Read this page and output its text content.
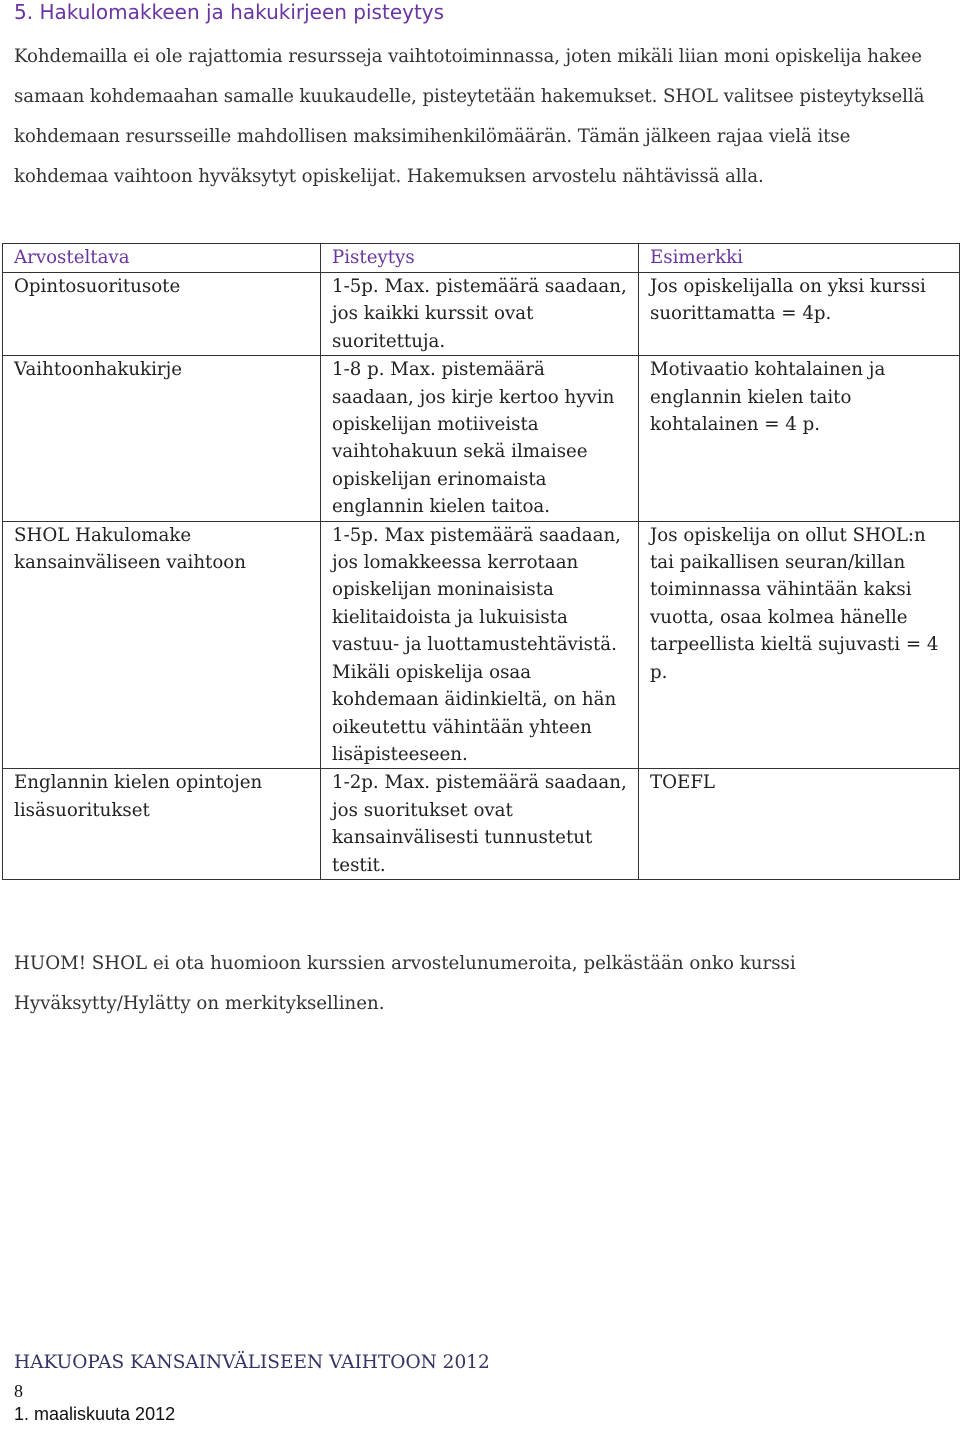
5. Hakulomakkeen ja hakukirjeen pisteytys
Kohdemailla ei ole rajattomia resursseja vaihtotoiminnassa, joten mikäli liian moni opiskelija hakee samaan kohdemaahan samalle kuukaudelle, pisteytetään hakemukset. SHOL valitsee pisteytyksellä kohdemaan resursseille mahdollisen maksimihenkilömäärän. Tämän jälkeen rajaa vielä itse kohdemaa vaihtoon hyväksytyt opiskelijat. Hakemuksen arvostelu nähtävissä alla.
Arvosteltava	Pisteytys	Esimerkki
Opintosuoritusote	1-5p. Max. pistemäärä saadaan, jos kaikki kurssit ovat suoritettuja.	Jos opiskelijalla on yksi kurssi suorittamatta = 4p.
Vaihtoonhakukirje	1-8 p. Max. pistemäärä saadaan, jos kirje kertoo hyvin opiskelijan motiiveista vaihtohakuun sekä ilmaisee opiskelijan erinomaista englannin kielen taitoa.	Motivaatio kohtalainen ja englannin kielen taito kohtalainen = 4 p.
SHOL Hakulomake kansainväliseen vaihtoon	1-5p. Max pistemäärä saadaan, jos lomakkeessa kerrotaan opiskelijan moninaisista kielitaidoista ja lukuisista vastuu- ja luottamustehtävistä. Mikäli opiskelija osaa kohdemaan äidinkieltä, on hän oikeutettu vähintään yhteen lisäpisteeseen.	Jos opiskelija on ollut SHOL:n tai paikallisen seuran/killan toiminnassa vähintään kaksi vuotta, osaa kolmea hänelle tarpeellista kieltä sujuvasti = 4 p.
Englannin kielen opintojen lisäsuoritukset	1-2p. Max. pistemäärä saadaan, jos suoritukset ovat kansainvälisesti tunnustetut testit.	TOEFL
HUOM! SHOL ei ota huomioon kurssien arvostelunumeroita, pelkästään onko kurssi Hyväksytty/Hylätty on merkityksellinen.
HAKUOPAS KANSAINVÄLISEEN VAIHTOON 2012
8
1. maaliskuuta 2012
